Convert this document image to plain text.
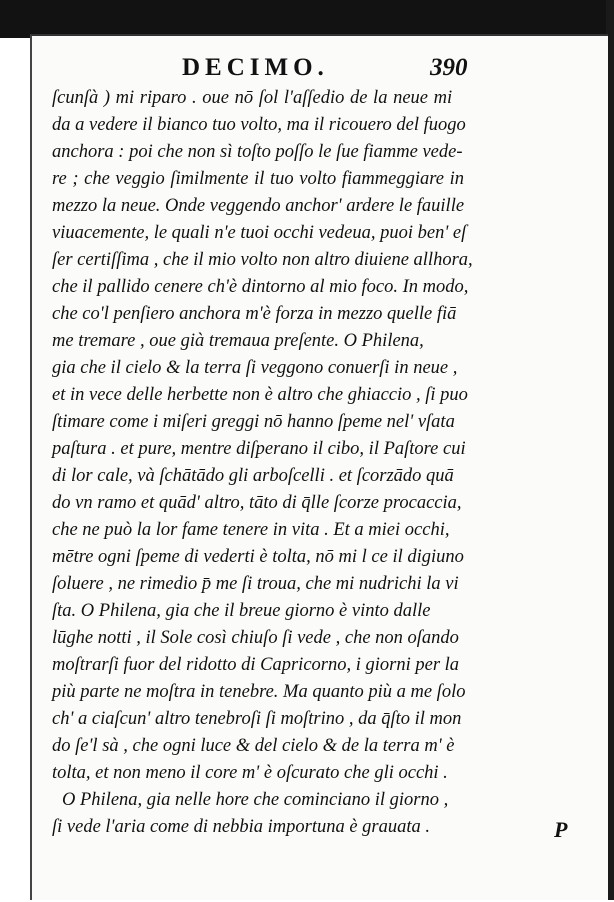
DECIMO.	390
ſcunſà ) mi riparo . oue nō ſol l'aſſedio de la neue mi
da a vedere il bianco tuo volto, ma il ricouero del fuogo
anchora : poi che non sì toſto poſſo le ſue fiamme vede-
re ; che veggio ſimilmente il tuo volto fiammeggiare in
mezzo la neue. Onde veggendo anchor' ardere le fauille
viuacemente, le quali n'e tuoi occhi vedeua, puoi ben' eſ
ſer certiſſima , che il mio volto non altro diuiene allhora,
che il pallido cenere ch'è dintorno al mio foco. In modo,
che co'l penſiero anchora m'è forza in mezzo quelle fiā
me tremare , oue già tremaua preſente. O Philena,
gia che il cielo & la terra ſi veggono conuerſi in neue ,
et in vece delle herbette non è altro che ghiaccio , ſi puo
ſtimare come i miſeri greggi nō hanno ſpeme nel' vſata
paſtura . et pure, mentre diſperano il cibo, il Paſtore cui
di lor cale, và ſchātādo gli arboſcelli . et ſcorzādo quā
do vn ramo et quād' altro, tāto di q̄lle ſcorze procaccia,
che ne può la lor fame tenere in vita . Et a miei occhi,
mētre ogni ſpeme di vederti è tolta, nō mi l ce il digiuno
ſoluere , ne rimedio p̄ me ſi troua, che mi nudrichi la vi
ſta. O Philena, gia che il breue giorno è vinto dalle
lūghe notti , il Sole così chiuſo ſi vede , che non oſando
moſtrarſi fuor del ridotto di Capricorno, i giorni per la
più parte ne moſtra in tenebre. Ma quanto più a me ſolo
ch' a ciaſcun' altro tenebroſi ſi moſtrino , da q̄ſto il mon
do ſe'l sà , che ogni luce & del cielo & de la terra m' è
tolta, et non meno il core m' è oſcurato che gli occhi .
O Philena, gia nelle hore che cominciano il giorno ,
ſi vede l'aria come di nebbia importuna è grauata .	P
